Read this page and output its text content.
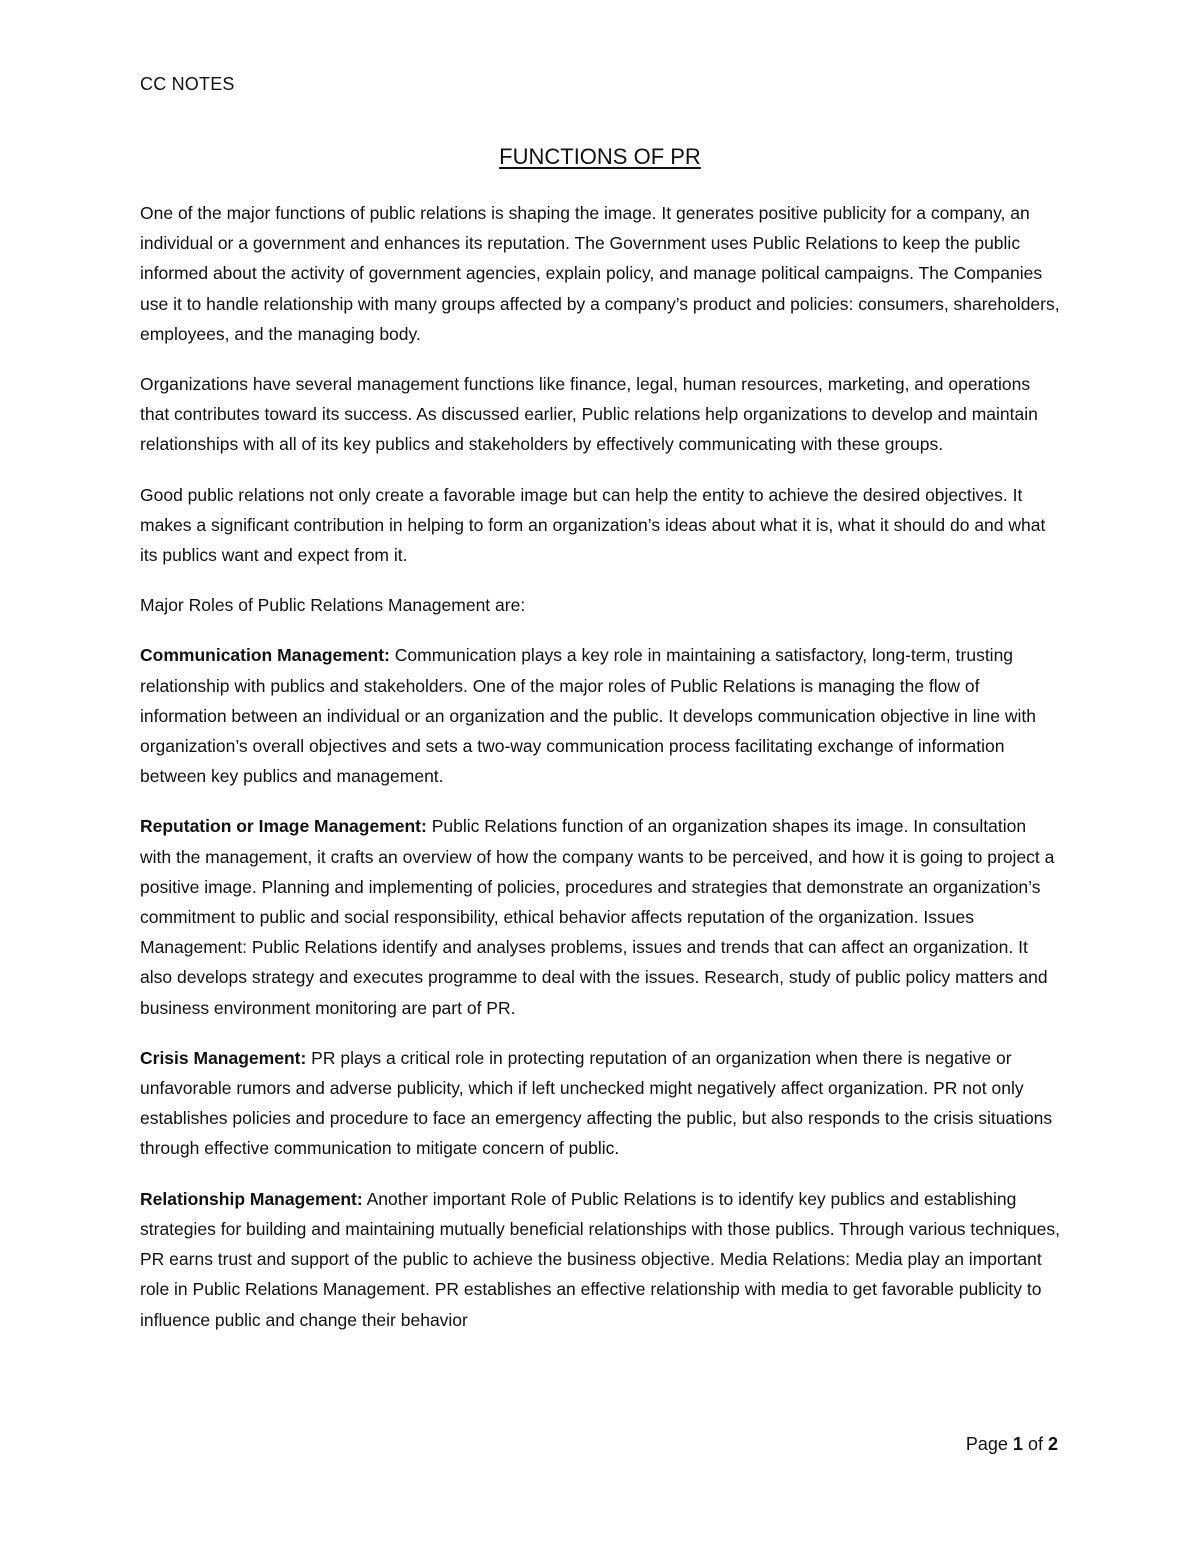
CC NOTES
FUNCTIONS OF PR

One of the major functions of public relations is shaping the image. It generates positive publicity for a company, an individual or a government and enhances its reputation. The Government uses Public Relations to keep the public informed about the activity of government agencies, explain policy, and manage political campaigns. The Companies use it to handle relationship with many groups affected by a company’s product and policies: consumers, shareholders, employees, and the managing body.

Organizations have several management functions like finance, legal, human resources, marketing, and operations that contributes toward its success. As discussed earlier, Public relations help organizations to develop and maintain relationships with all of its key publics and stakeholders by effectively communicating with these groups.

Good public relations not only create a favorable image but can help the entity to achieve the desired objectives. It makes a significant contribution in helping to form an organization’s ideas about what it is, what it should do and what its publics want and expect from it.

Major Roles of Public Relations Management are:

Communication Management: Communication plays a key role in maintaining a satisfactory, long-term, trusting relationship with publics and stakeholders. One of the major roles of Public Relations is managing the flow of information between an individual or an organization and the public. It develops communication objective in line with organization’s overall objectives and sets a two-way communication process facilitating exchange of information between key publics and management.

Reputation or Image Management: Public Relations function of an organization shapes its image. In consultation with the management, it crafts an overview of how the company wants to be perceived, and how it is going to project a positive image. Planning and implementing of policies, procedures and strategies that demonstrate an organization’s commitment to public and social responsibility, ethical behavior affects reputation of the organization. Issues Management: Public Relations identify and analyses problems, issues and trends that can affect an organization. It also develops strategy and executes programme to deal with the issues. Research, study of public policy matters and business environment monitoring are part of PR.

Crisis Management: PR plays a critical role in protecting reputation of an organization when there is negative or unfavorable rumors and adverse publicity, which if left unchecked might negatively affect organization. PR not only establishes policies and procedure to face an emergency affecting the public, but also responds to the crisis situations through effective communication to mitigate concern of public.

Relationship Management: Another important Role of Public Relations is to identify key publics and establishing strategies for building and maintaining mutually beneficial relationships with those publics. Through various techniques, PR earns trust and support of the public to achieve the business objective. Media Relations: Media play an important role in Public Relations Management. PR establishes an effective relationship with media to get favorable publicity to influence public and change their behavior

Page 1 of 2
